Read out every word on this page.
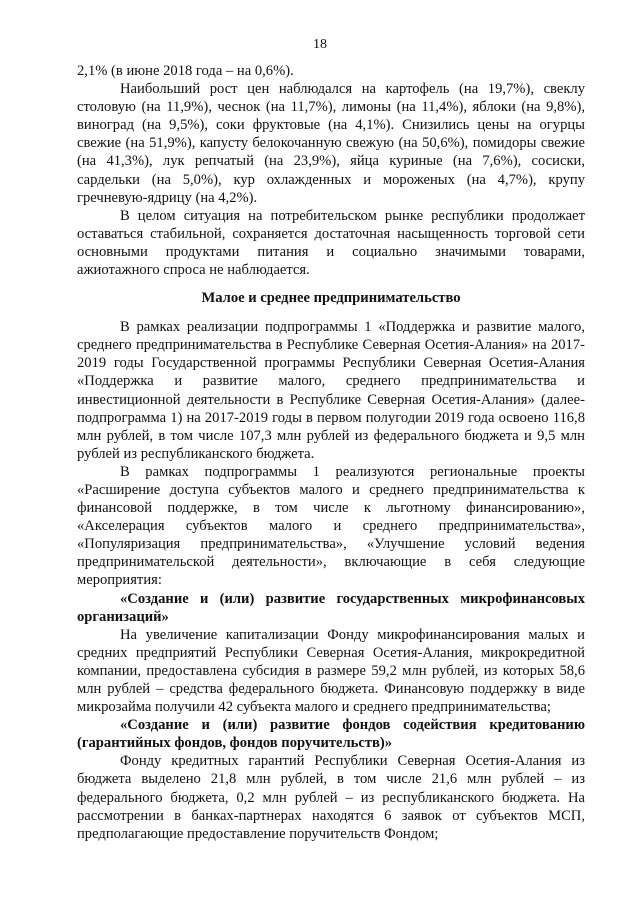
18

2,1% (в июне 2018 года – на 0,6%).

Наибольший рост цен наблюдался на картофель (на 19,7%), свеклу столовую (на 11,9%), чеснок (на 11,7%), лимоны (на 11,4%), яблоки (на 9,8%), виноград (на 9,5%), соки фруктовые (на 4,1%). Снизились цены на огурцы свежие (на 51,9%), капусту белокочанную свежую (на 50,6%), помидоры свежие (на 41,3%), лук репчатый (на 23,9%), яйца куриные (на 7,6%), сосиски, сардельки (на 5,0%), кур охлажденных и мороженых (на 4,7%), крупу гречневую-ядрицу (на 4,2%).

В целом ситуация на потребительском рынке республики продолжает оставаться стабильной, сохраняется достаточная насыщенность торговой сети основными продуктами питания и социально значимыми товарами, ажиотажного спроса не наблюдается.

Малое и среднее предпринимательство

В рамках реализации подпрограммы 1 «Поддержка и развитие малого, среднего предпринимательства в Республике Северная Осетия-Алания» на 2017-2019 годы Государственной программы Республики Северная Осетия-Алания «Поддержка и развитие малого, среднего предпринимательства и инвестиционной деятельности в Республике Северная Осетия-Алания» (далее-подпрограмма 1) на 2017-2019 годы в первом полугодии 2019 года освоено 116,8 млн рублей, в том числе 107,3 млн рублей из федерального бюджета и 9,5 млн рублей из республиканского бюджета.

В рамках подпрограммы 1 реализуются региональные проекты «Расширение доступа субъектов малого и среднего предпринимательства к финансовой поддержке, в том числе к льготному финансированию», «Акселерация субъектов малого и среднего предпринимательства», «Популяризация предпринимательства», «Улучшение условий ведения предпринимательской деятельности», включающие в себя следующие мероприятия:

«Создание и (или) развитие государственных микрофинансовых организаций»

На увеличение капитализации Фонду микрофинансирования малых и средних предприятий Республики Северная Осетия-Алания, микрокредитной компании, предоставлена субсидия в размере 59,2 млн рублей, из которых 58,6 млн рублей – средства федерального бюджета. Финансовую поддержку в виде микрозайма получили 42 субъекта малого и среднего предпринимательства;

«Создание и (или) развитие фондов содействия кредитованию (гарантийных фондов, фондов поручительств)»

Фонду кредитных гарантий Республики Северная Осетия-Алания из бюджета выделено 21,8 млн рублей, в том числе 21,6 млн рублей – из федерального бюджета, 0,2 млн рублей – из республиканского бюджета. На рассмотрении в банках-партнерах находятся 6 заявок от субъектов МСП, предполагающие предоставление поручительств Фондом;
